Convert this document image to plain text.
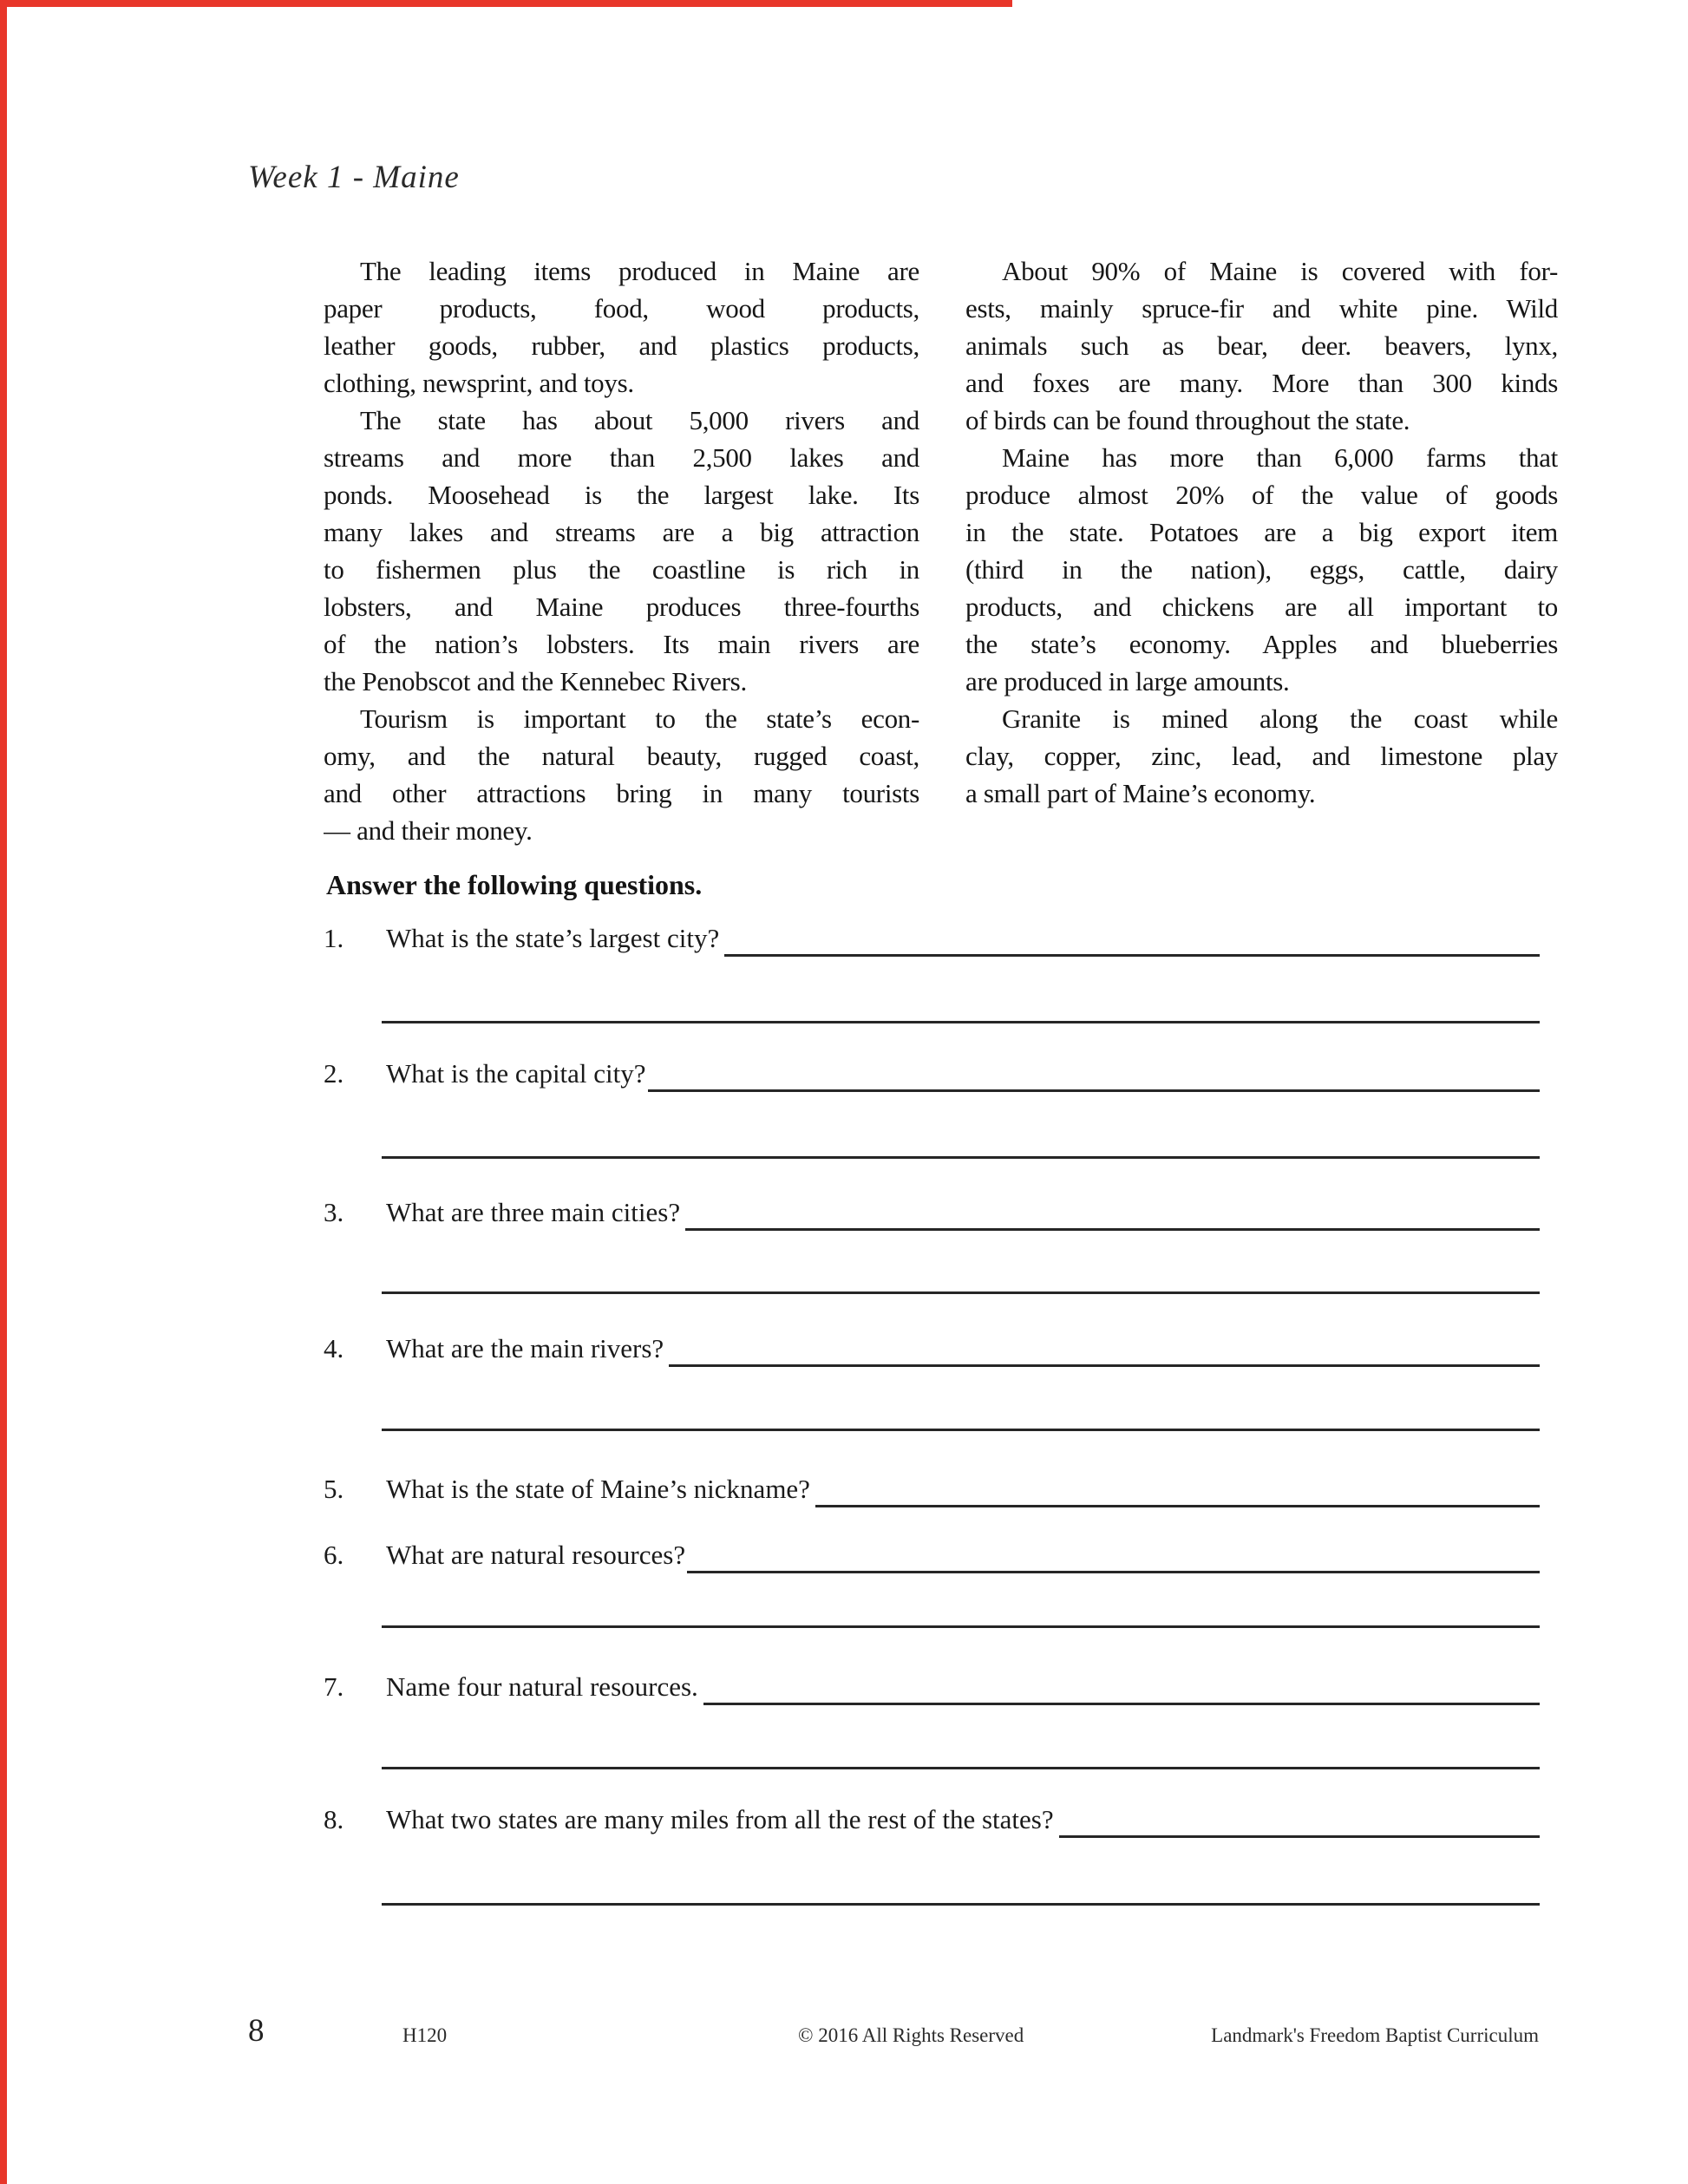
Week 1 - Maine
The leading items produced in Maine are
paper products, food, wood products,
leather goods, rubber, and plastics products,
clothing, newsprint, and toys.
The state has about 5,000 rivers and
streams and more than 2,500 lakes and
ponds. Moosehead is the largest lake. Its
many lakes and streams are a big attraction
to fishermen plus the coastline is rich in
lobsters, and Maine produces three-fourths
of the nation’s lobsters. Its main rivers are
the Penobscot and the Kennebec Rivers.
Tourism is important to the state’s econ-
omy, and the natural beauty, rugged coast,
and other attractions bring in many tourists
— and their money.
About 90% of Maine is covered with for-
ests, mainly spruce-fir and white pine. Wild
animals such as bear, deer. beavers, lynx,
and foxes are many. More than 300 kinds
of birds can be found throughout the state.
Maine has more than 6,000 farms that
produce almost 20% of the value of goods
in the state. Potatoes are a big export item
(third in the nation), eggs, cattle, dairy
products, and chickens are all important to
the state’s economy. Apples and blueberries
are produced in large amounts.
Granite is mined along the coast while
clay, copper, zinc, lead, and limestone play
a small part of Maine’s economy.
Answer the following questions.
1.	What is the state’s largest city?
2.	What is the capital city?
3.	What are three main cities?
4.	What are the main rivers?
5.	What is the state of Maine’s nickname?
6.	What are natural resources?
7.	Name four natural resources.
8.	What two states are many miles from all the rest of the states?
8	H120	© 2016 All Rights Reserved	Landmark's Freedom Baptist Curriculum
